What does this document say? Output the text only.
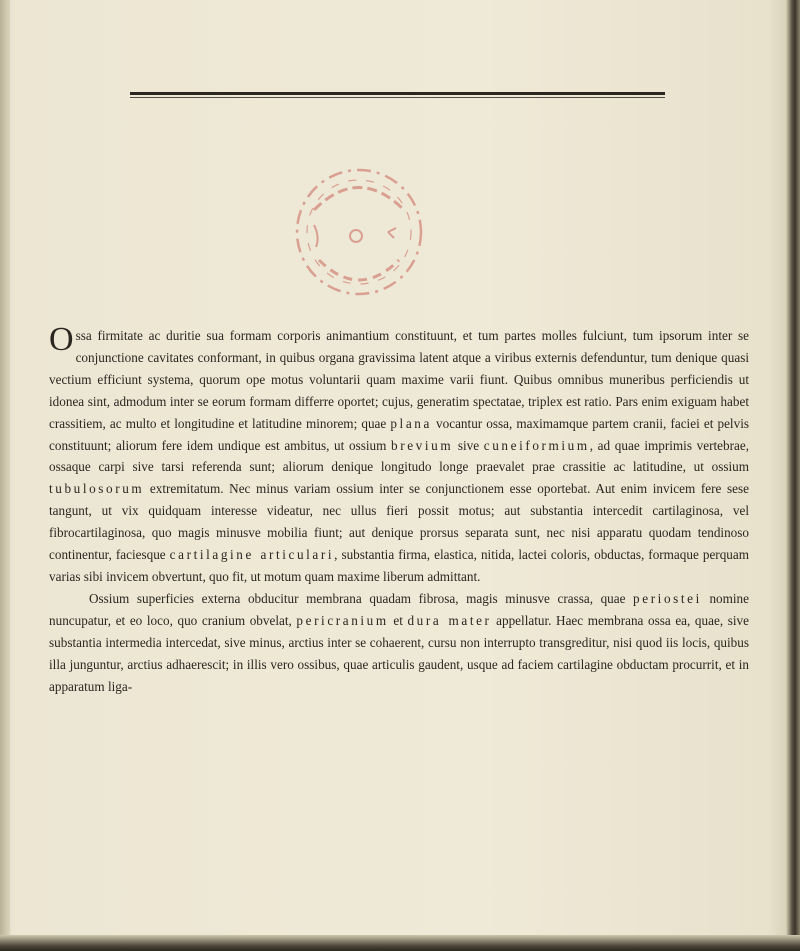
Ossa firmitate ac duritie sua formam corporis animantium constituunt, et tum partes molles fulciunt, tum ipsorum inter se conjunctione cavitates conformant, in quibus organa gravissima latent atque a viribus externis defenduntur, tum denique quasi vectium efficiunt systema, quorum ope motus voluntarii quam maxime varii fiunt. Quibus omnibus muneribus perficiendis ut idonea sint, admodum inter se eorum formam differre oportet; cujus, generatim spectatae, triplex est ratio. Pars enim exiguam habet crassitiem, ac multo et longitudine et latitudine minorem; quae plana vocantur ossa, maximamque partem cranii, faciei et pelvis constituunt; aliorum fere idem undique est ambitus, ut ossium brevium sive cuneiformium, ad quae imprimis vertebrae, ossaque carpi sive tarsi referenda sunt; aliorum denique longitudo longe praevalet prae crassitie ac latitudine, ut ossium tubulosorum extremitatum. Nec minus variam ossium inter se conjunctionem esse oportebat. Aut enim invicem fere sese tangunt, ut vix quidquam interesse videatur, nec ullus fieri possit motus; aut substantia intercedit cartilaginosa, vel fibrocartilaginosa, quo magis minusve mobilia fiunt; aut denique prorsus separata sunt, nec nisi apparatu quodam tendinoso continentur, faciesque cartilagine articulari, substantia firma, elastica, nitida, lactei coloris, obductas, formaque perquam varias sibi invicem obvertunt, quo fit, ut motum quam maxime liberum admittant.

Ossium superficies externa obducitur membrana quadam fibrosa, magis minusve crassa, quae periostei nomine nuncupatur, et eo loco, quo cranium obvelat, pericranium et dura mater appellatur. Haec membrana ossa ea, quae, sive substantia intermedia intercedat, sive minus, arctius inter se cohaerent, cursu non interrupto transgreditur, nisi quod iis locis, quibus illa junguntur, arctius adhaerescit; in illis vero ossibus, quae articulis gaudent, usque ad faciem cartilagine obductam procurrit, et in apparatum liga-
